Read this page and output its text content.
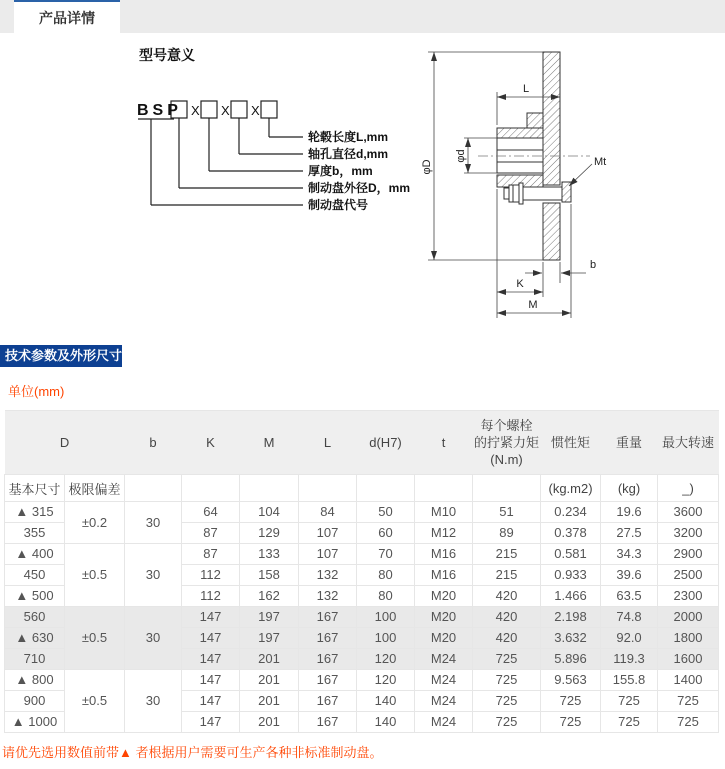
产品详情
型号意义
BSP X X X
轮毂长度L,mm
轴孔直径d,mm
厚度b，mm
制动盘外径D，mm
制动盘代号
φD
L
φd	Mt
b
K
M
技术参数及外形尺寸表
单位(mm)
D		b	K	M	L	d(H7)	t	每个螺栓 的拧紧力矩 (N.m)	惯性矩	重量	最大转速
基本尺寸	极限偏差								(kg.m2)	(kg)	_)
▲ 315	±0.2	30	64	104	84	50	M10	51	0.234	19.6	3600
355			87	129	107	60	M12	89	0.378	27.5	3200
▲ 400	±0.5	30	87	133	107	70	M16	215	0.581	34.3	2900
450			112	158	132	80	M16	215	0.933	39.6	2500
▲ 500			112	162	132	80	M20	420	1.466	63.5	2300
560	±0.5	30	147	197	167	100	M20	420	2.198	74.8	2000
▲ 630			147	197	167	100	M20	420	3.632	92.0	1800
710			147	201	167	120	M24	725	5.896	119.3	1600
▲ 800	±0.5	30	147	201	167	120	M24	725	9.563	155.8	1400
900			147	201	167	140	M24	725	725	725	725
▲ 1000			147	201	167	140	M24	725	725	725	725
请优先选用数值前带▲ 者根据用户需要可生产各种非标准制动盘。
